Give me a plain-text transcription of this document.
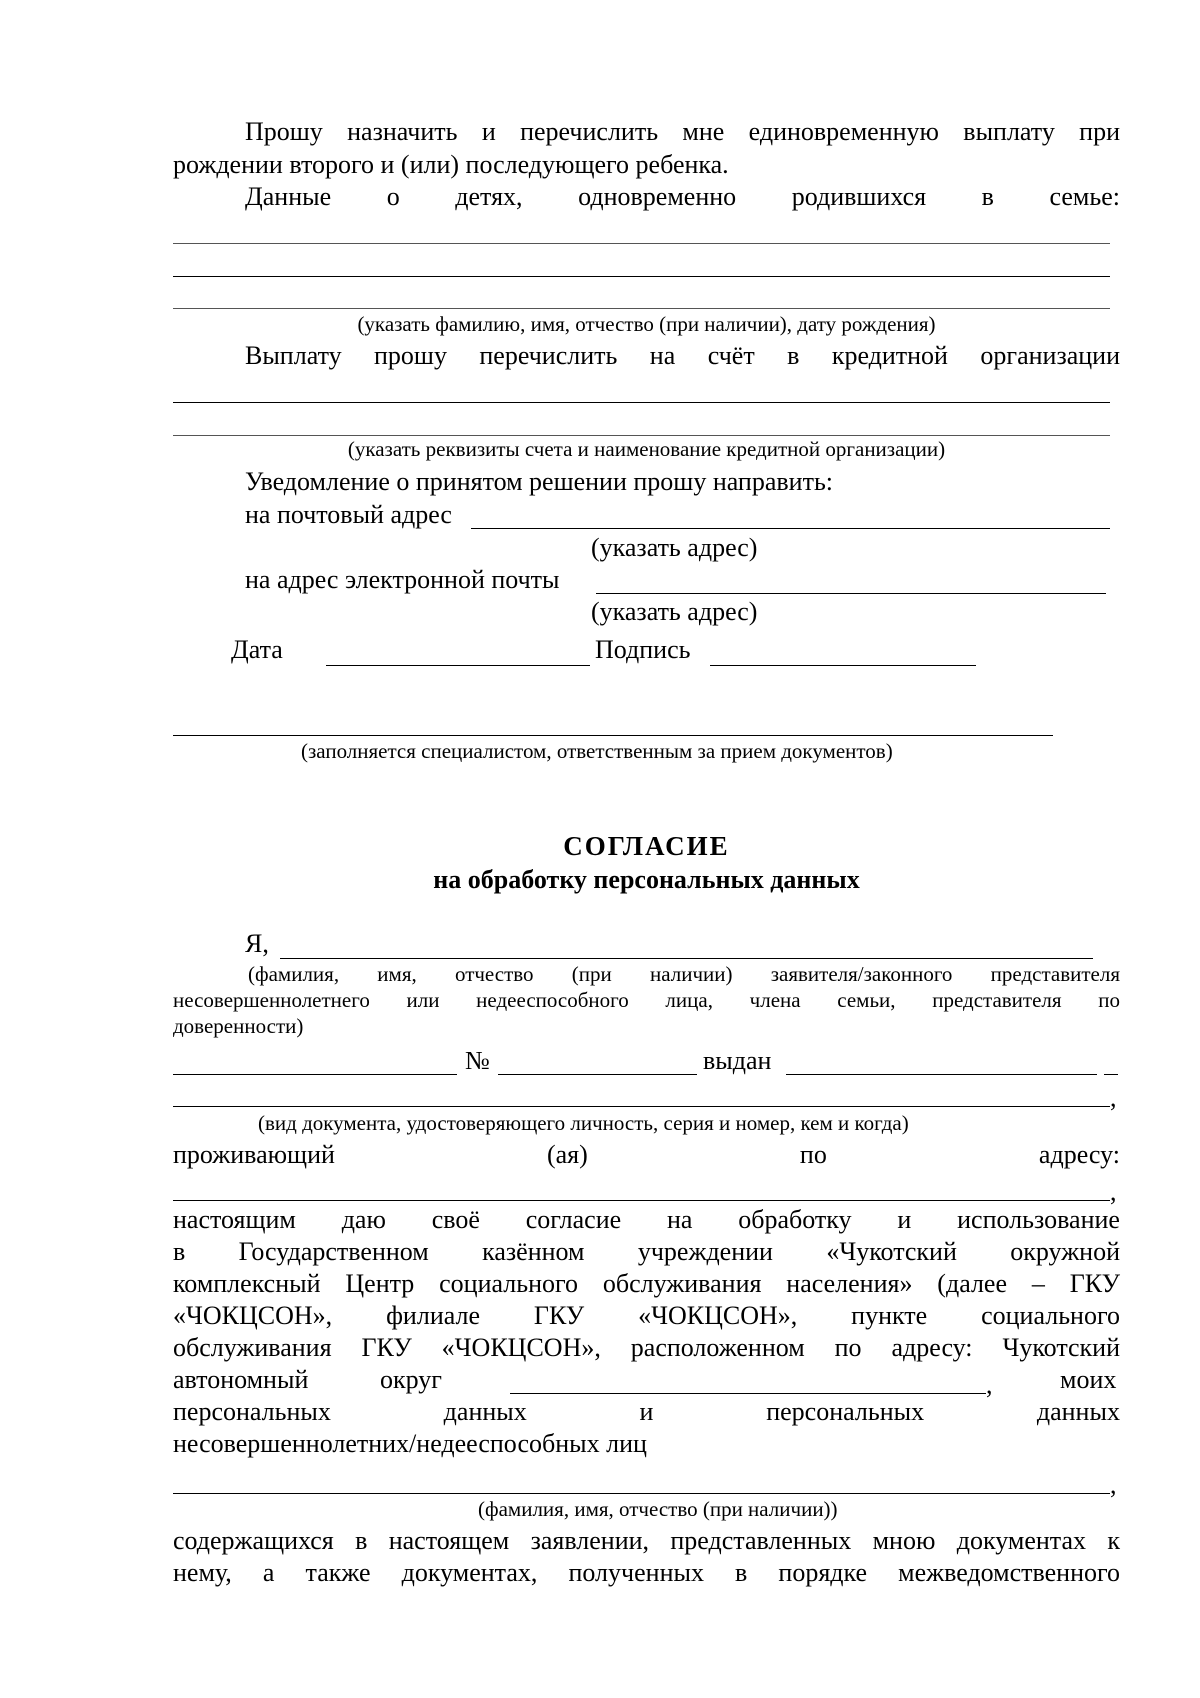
Прошу назначить и перечислить мне единовременную выплату при
рождении второго и (или) последующего ребенка.
Данные о детях, одновременно родившихся в семье:
(указать фамилию, имя, отчество (при наличии), дату рождения)
Выплату прошу перечислить на счёт в кредитной организации
(указать реквизиты счета и наименование кредитной организации)
Уведомление о принятом решении прошу направить:
на почтовый адрес
(указать адрес)
на адрес электронной почты
(указать адрес)
Дата	Подпись
(заполняется специалистом, ответственным за прием документов)
СОГЛАСИЕ
на обработку персональных данных
Я,
(фамилия, имя, отчество (при наличии) заявителя/законного представителя
несовершеннолетнего или недееспособного лица, члена семьи, представителя по
доверенности)
№	выдан
,
(вид документа, удостоверяющего личность, серия и номер, кем и когда)
проживающий	(ая)	по	адресу:
,
настоящим даю своё согласие на обработку и использование
в Государственном казённом учреждении «Чукотский окружной
комплексный Центр социального обслуживания населения» (далее – ГКУ
«ЧОКЦСОН», филиале ГКУ «ЧОКЦСОН», пункте социального
обслуживания ГКУ «ЧОКЦСОН», расположенном по адресу: Чукотский
автономный	округ	,	моих
персональных	данных	и	персональных	данных
несовершеннолетних/недееспособных лиц
,
(фамилия, имя, отчество (при наличии))
содержащихся в настоящем заявлении, представленных мною документах к
нему, а также документах, полученных в порядке межведомственного
